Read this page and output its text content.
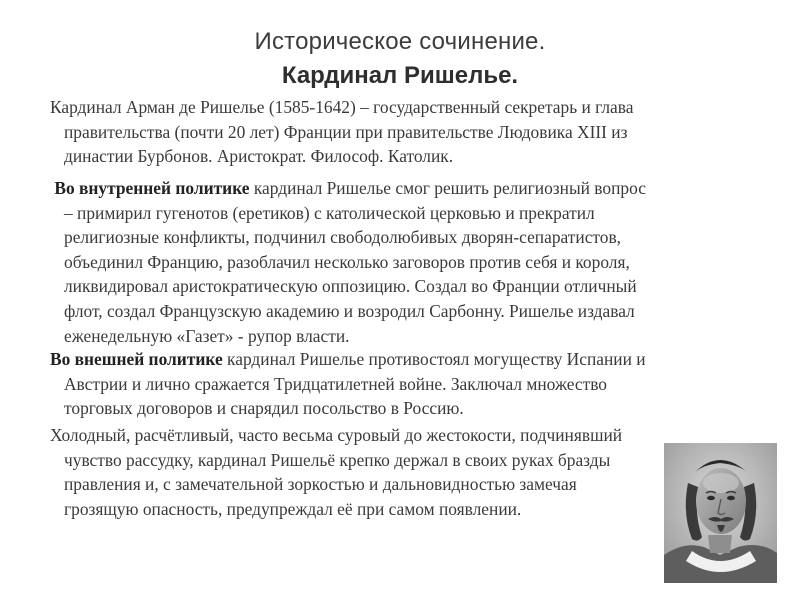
Историческое сочинение.
Кардинал Ришелье.

Кардинал Арман де Ришелье (1585-1642) – государственный секретарь и глава
правительства (почти 20 лет) Франции при правительстве Людовика XIII из
династии Бурбонов. Аристократ. Философ. Католик.

Во внутренней политике кардинал Ришелье смог решить религиозный вопрос
– примирил гугенотов (еретиков) с католической церковью и прекратил
религиозные конфликты, подчинил свободолюбивых дворян-сепаратистов,
объединил Францию, разоблачил несколько заговоров против себя и короля,
ликвидировал аристократическую оппозицию. Создал во Франции отличный
флот, создал Французскую академию и возродил Сарбонну. Ришелье издавал
еженедельную «Газет» - рупор власти.

Во внешней политике кардинал Ришелье противостоял могуществу Испании и
Австрии и лично сражается Тридцатилетней войне. Заключал множество
торговых договоров и снарядил посольство в Россию.

Холодный, расчётливый, часто весьма суровый до жестокости, подчинявший
чувство рассудку, кардинал Ришельё крепко держал в своих руках бразды
правления и, с замечательной зоркостью и дальновидностью замечая
грозящую опасность, предупреждал её при самом появлении.
